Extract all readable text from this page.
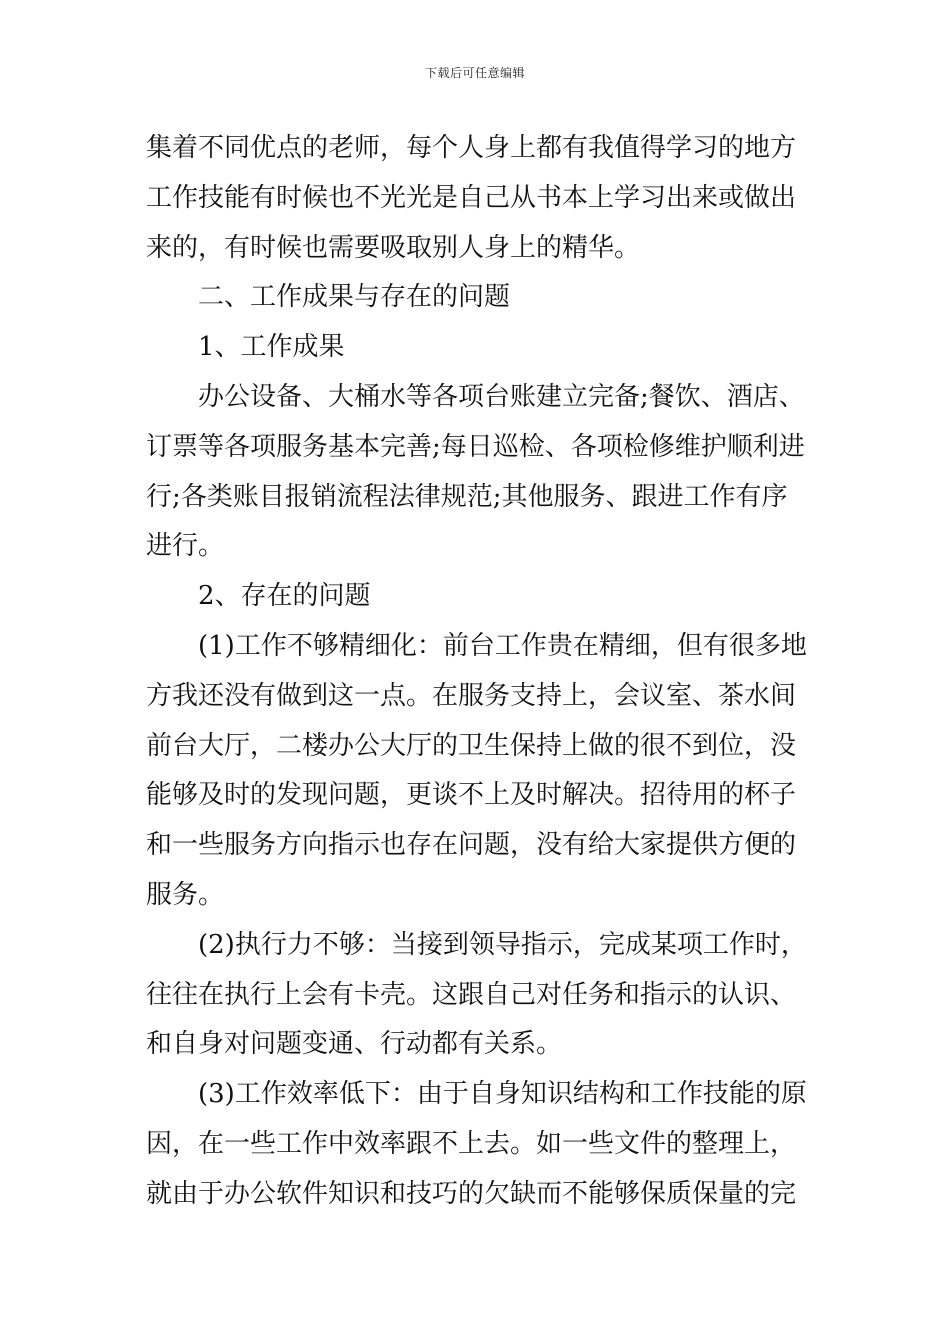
下载后可任意编辑
集着不同优点的老师，每个人身上都有我值得学习的地方
工作技能有时候也不光光是自己从书本上学习出来或做出
来的，有时候也需要吸取别人身上的精华。
二、工作成果与存在的问题
1、工作成果
办公设备、大桶水等各项台账建立完备;餐饮、酒店、
订票等各项服务基本完善;每日巡检、各项检修维护顺利进
行;各类账目报销流程法律规范;其他服务、跟进工作有序
进行。
2、存在的问题
(1)工作不够精细化：前台工作贵在精细，但有很多地
方我还没有做到这一点。在服务支持上，会议室、茶水间
前台大厅，二楼办公大厅的卫生保持上做的很不到位，没
能够及时的发现问题，更谈不上及时解决。招待用的杯子
和一些服务方向指示也存在问题，没有给大家提供方便的
服务。
(2)执行力不够：当接到领导指示，完成某项工作时，
往往在执行上会有卡壳。这跟自己对任务和指示的认识、
和自身对问题变通、行动都有关系。
(3)工作效率低下：由于自身知识结构和工作技能的原
因，在一些工作中效率跟不上去。如一些文件的整理上，
就由于办公软件知识和技巧的欠缺而不能够保质保量的完
